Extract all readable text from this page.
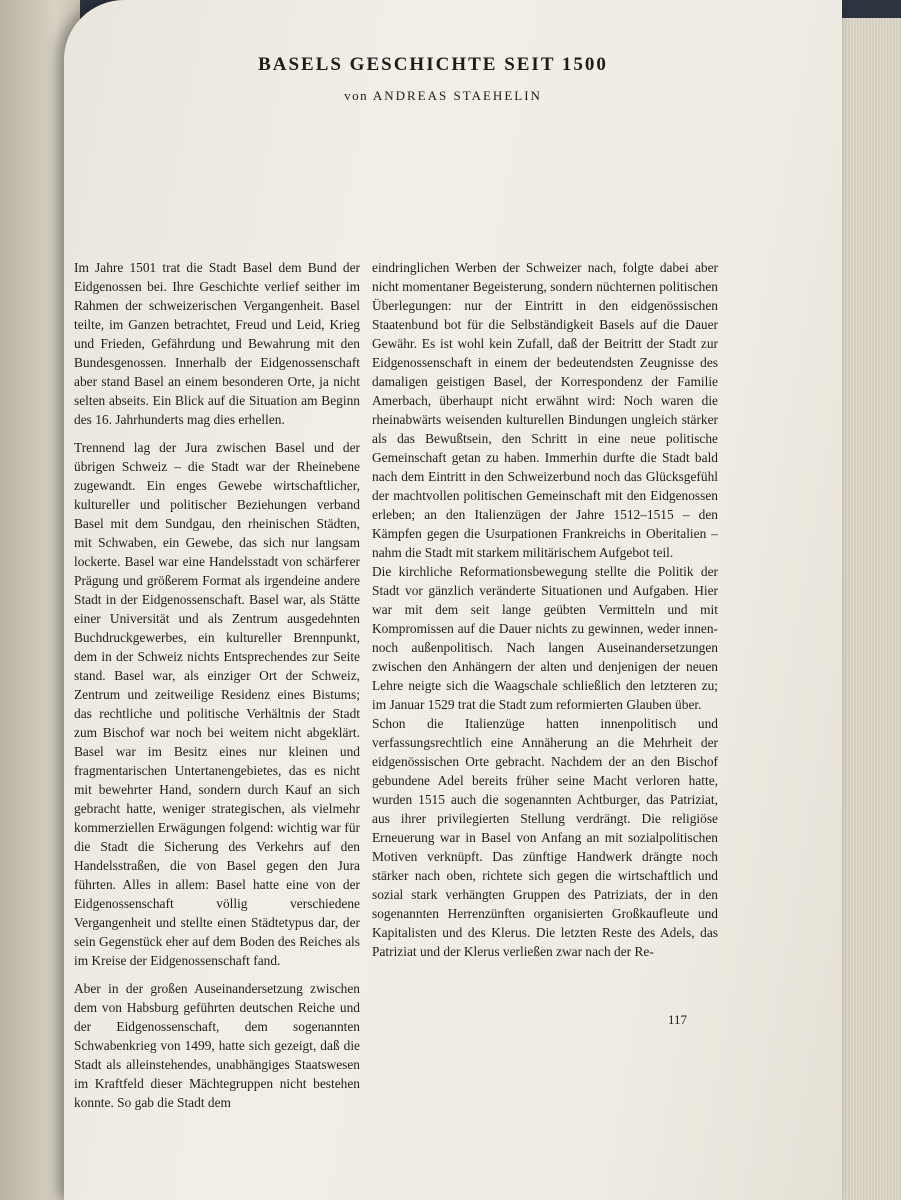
BASELS GESCHICHTE SEIT 1500

von ANDREAS STAEHELIN

Im Jahre 1501 trat die Stadt Basel dem Bund der Eidgenossen bei. Ihre Geschichte verlief seither im Rahmen der schweizerischen Vergangenheit. Basel teilte, im Ganzen betrachtet, Freud und Leid, Krieg und Frieden, Gefährdung und Bewahrung mit den Bundesgenossen. Innerhalb der Eidgenossenschaft aber stand Basel an einem besonderen Orte, ja nicht selten abseits. Ein Blick auf die Situation am Beginn des 16. Jahrhunderts mag dies erhellen.

Trennend lag der Jura zwischen Basel und der übrigen Schweiz – die Stadt war der Rheinebene zugewandt. Ein enges Gewebe wirtschaftlicher, kultureller und politischer Beziehungen verband Basel mit dem Sundgau, den rheinischen Städten, mit Schwaben, ein Gewebe, das sich nur langsam lockerte. Basel war eine Handelsstadt von schärferer Prägung und größerem Format als irgendeine andere Stadt in der Eidgenossenschaft. Basel war, als Stätte einer Universität und als Zentrum ausgedehnten Buchdruckgewerbes, ein kultureller Brennpunkt, dem in der Schweiz nichts Entsprechendes zur Seite stand. Basel war, als einziger Ort der Schweiz, Zentrum und zeitweilige Residenz eines Bistums; das rechtliche und politische Verhältnis der Stadt zum Bischof war noch bei weitem nicht abgeklärt. Basel war im Besitz eines nur kleinen und fragmentarischen Untertanengebietes, das es nicht mit bewehrter Hand, sondern durch Kauf an sich gebracht hatte, weniger strategischen, als vielmehr kommerziellen Erwägungen folgend: wichtig war für die Stadt die Sicherung des Verkehrs auf den Handelsstraßen, die von Basel gegen den Jura führten. Alles in allem: Basel hatte eine von der Eidgenossenschaft völlig verschiedene Vergangenheit und stellte einen Städtetypus dar, der sein Gegenstück eher auf dem Boden des Reiches als im Kreise der Eidgenossenschaft fand.

Aber in der großen Auseinandersetzung zwischen dem von Habsburg geführten deutschen Reiche und der Eidgenossenschaft, dem sogenannten Schwabenkrieg von 1499, hatte sich gezeigt, daß die Stadt als alleinstehendes, unabhängiges Staatswesen im Kraftfeld dieser Mächtegruppen nicht bestehen konnte. So gab die Stadt dem

eindringlichen Werben der Schweizer nach, folgte dabei aber nicht momentaner Begeisterung, sondern nüchternen politischen Überlegungen: nur der Eintritt in den eidgenössischen Staatenbund bot für die Selbständigkeit Basels auf die Dauer Gewähr. Es ist wohl kein Zufall, daß der Beitritt der Stadt zur Eidgenossenschaft in einem der bedeutendsten Zeugnisse des damaligen geistigen Basel, der Korrespondenz der Familie Amerbach, überhaupt nicht erwähnt wird: Noch waren die rheinabwärts weisenden kulturellen Bindungen ungleich stärker als das Bewußtsein, den Schritt in eine neue politische Gemeinschaft getan zu haben. Immerhin durfte die Stadt bald nach dem Eintritt in den Schweizerbund noch das Glücksgefühl der machtvollen politischen Gemeinschaft mit den Eidgenossen erleben; an den Italienzügen der Jahre 1512–1515 – den Kämpfen gegen die Usurpationen Frankreichs in Oberitalien – nahm die Stadt mit starkem militärischem Aufgebot teil.

Die kirchliche Reformationsbewegung stellte die Politik der Stadt vor gänzlich veränderte Situationen und Aufgaben. Hier war mit dem seit lange geübten Vermitteln und mit Kompromissen auf die Dauer nichts zu gewinnen, weder innen- noch außenpolitisch. Nach langen Auseinandersetzungen zwischen den Anhängern der alten und denjenigen der neuen Lehre neigte sich die Waagschale schließlich den letzteren zu; im Januar 1529 trat die Stadt zum reformierten Glauben über.

Schon die Italienzüge hatten innenpolitisch und verfassungsrechtlich eine Annäherung an die Mehrheit der eidgenössischen Orte gebracht. Nachdem der an den Bischof gebundene Adel bereits früher seine Macht verloren hatte, wurden 1515 auch die sogenannten Achtburger, das Patriziat, aus ihrer privilegierten Stellung verdrängt. Die religiöse Erneuerung war in Basel von Anfang an mit sozialpolitischen Motiven verknüpft. Das zünftige Handwerk drängte noch stärker nach oben, richtete sich gegen die wirtschaftlich und sozial stark verhängten Gruppen des Patriziats, der in den sogenannten Herrenzünften organisierten Großkaufleute und Kapitalisten und des Klerus. Die letzten Reste des Adels, das Patriziat und der Klerus verließen zwar nach der Re-

117
